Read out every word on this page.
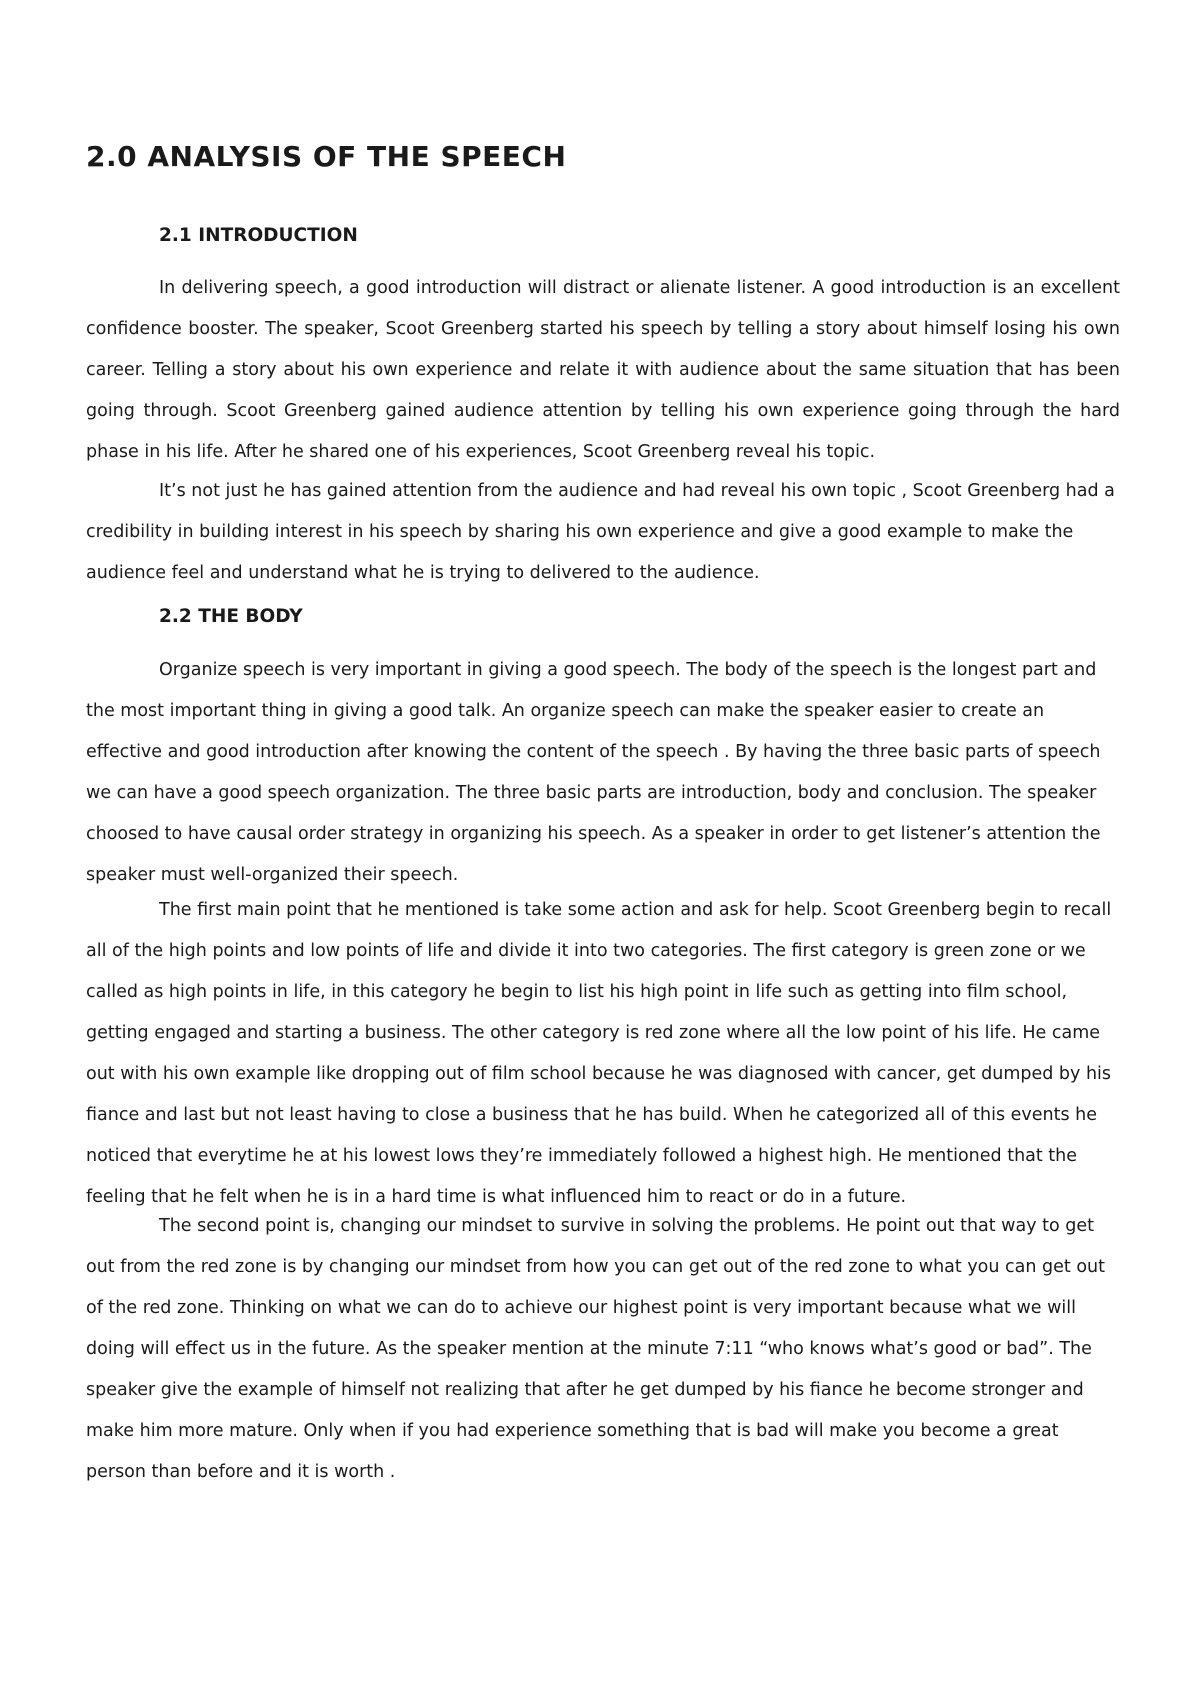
2.0 ANALYSIS OF THE SPEECH
2.1 INTRODUCTION

In delivering speech, a good introduction will distract or alienate listener. A good introduction is an excellent confidence booster. The speaker, Scoot Greenberg started his speech by telling a story about himself losing his own career. Telling a story about his own experience and relate it with audience about the same situation that has been going through. Scoot Greenberg gained audience attention by telling his own experience going through the hard phase in his life. After he shared one of his experiences, Scoot Greenberg reveal his topic.

It’s not just he has gained attention from the audience and had reveal his own topic , Scoot Greenberg had a credibility in building interest in his speech by sharing his own experience and give a good example to make the audience feel and understand what he is trying to delivered to the audience.

2.2 THE BODY

Organize speech is very important in giving a good speech. The body of the speech is the longest part and the most important thing in giving a good talk. An organize speech can make the speaker easier to create an effective and good introduction after knowing the content of the speech . By having the three basic parts of speech we can have a good speech organization. The three basic parts are introduction, body and conclusion. The speaker choosed to have causal order strategy in organizing his speech. As a speaker in order to get listener’s attention the speaker must well-organized their speech.

The first main point that he mentioned is take some action and ask for help. Scoot Greenberg begin to recall all of the high points and low points of life and divide it into two categories. The first category is green zone or we called as high points in life, in this category he begin to list his high point in life such as getting into film school, getting engaged and starting a business. The other category is red zone where all the low point of his life. He came out with his own example like dropping out of film school because he was diagnosed with cancer, get dumped by his fiance and last but not least having to close a business that he has build. When he categorized all of this events he noticed that everytime he at his lowest lows they’re immediately followed a highest high. He mentioned that the feeling that he felt when he is in a hard time is what influenced him to react or do in a future.

The second point is, changing our mindset to survive in solving the problems. He point out that way to get out from the red zone is by changing our mindset from how you can get out of the red zone to what you can get out of the red zone. Thinking on what we can do to achieve our highest point is very important because what we will doing will effect us in the future. As the speaker mention at the minute 7:11 “who knows what’s good or bad”. The speaker give the example of himself not realizing that after he get dumped by his fiance he become stronger and make him more mature. Only when if you had experience something that is bad will make you become a great person than before and it is worth .
